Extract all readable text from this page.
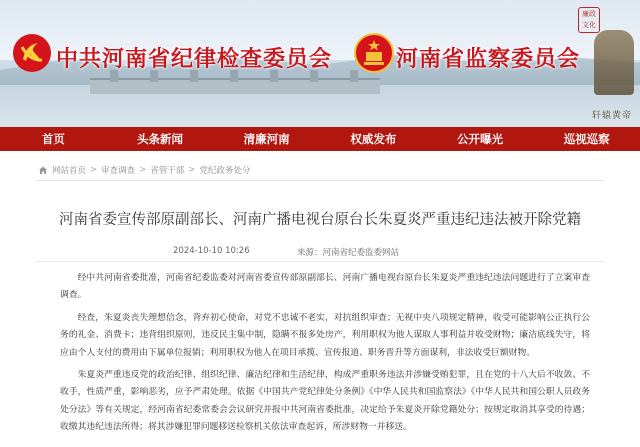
轩辕黄帝
廉政文化
中共河南省纪律检查委员会	河南省监察委员会
首页	头条新闻	清廉河南	权威发布	公开曝光	巡视巡察
网站首页 > 审查调查 > 省管干部 > 党纪政务处分
河南省委宣传部原副部长、河南广播电视台原台长朱夏炎严重违纪违法被开除党籍
2024-10-10 10:26	来源：河南省纪委监委网站

经中共河南省委批准，河南省纪委监委对河南省委宣传部原副部长、河南广播电视台原台长朱夏炎严重违纪违法问题进行了立案审查调查。

经查，朱夏炎丧失理想信念，背弃初心使命，对党不忠诚不老实，对抗组织审查；无视中央八项规定精神，收受可能影响公正执行公务的礼金、消费卡；违背组织原则，违反民主集中制，隐瞒不报多处房产，利用职权为他人谋取人事利益并收受财物；廉洁底线失守，将应由个人支付的费用由下属单位报销；利用职权为他人在项目承揽、宣传报道、职务晋升等方面谋利，非法收受巨额财物。

朱夏炎严重违反党的政治纪律、组织纪律、廉洁纪律和生活纪律，构成严重职务违法并涉嫌受贿犯罪，且在党的十八大后不收敛、不收手，性质严重，影响恶劣，应予严肃处理。依据《中国共产党纪律处分条例》《中华人民共和国监察法》《中华人民共和国公职人员政务处分法》等有关规定，经河南省纪委常委会会议研究并报中共河南省委批准，决定给予朱夏炎开除党籍处分；按规定取消其享受的待遇；收缴其违纪违法所得；将其涉嫌犯罪问题移送检察机关依法审查起诉，所涉财物一并移送。
